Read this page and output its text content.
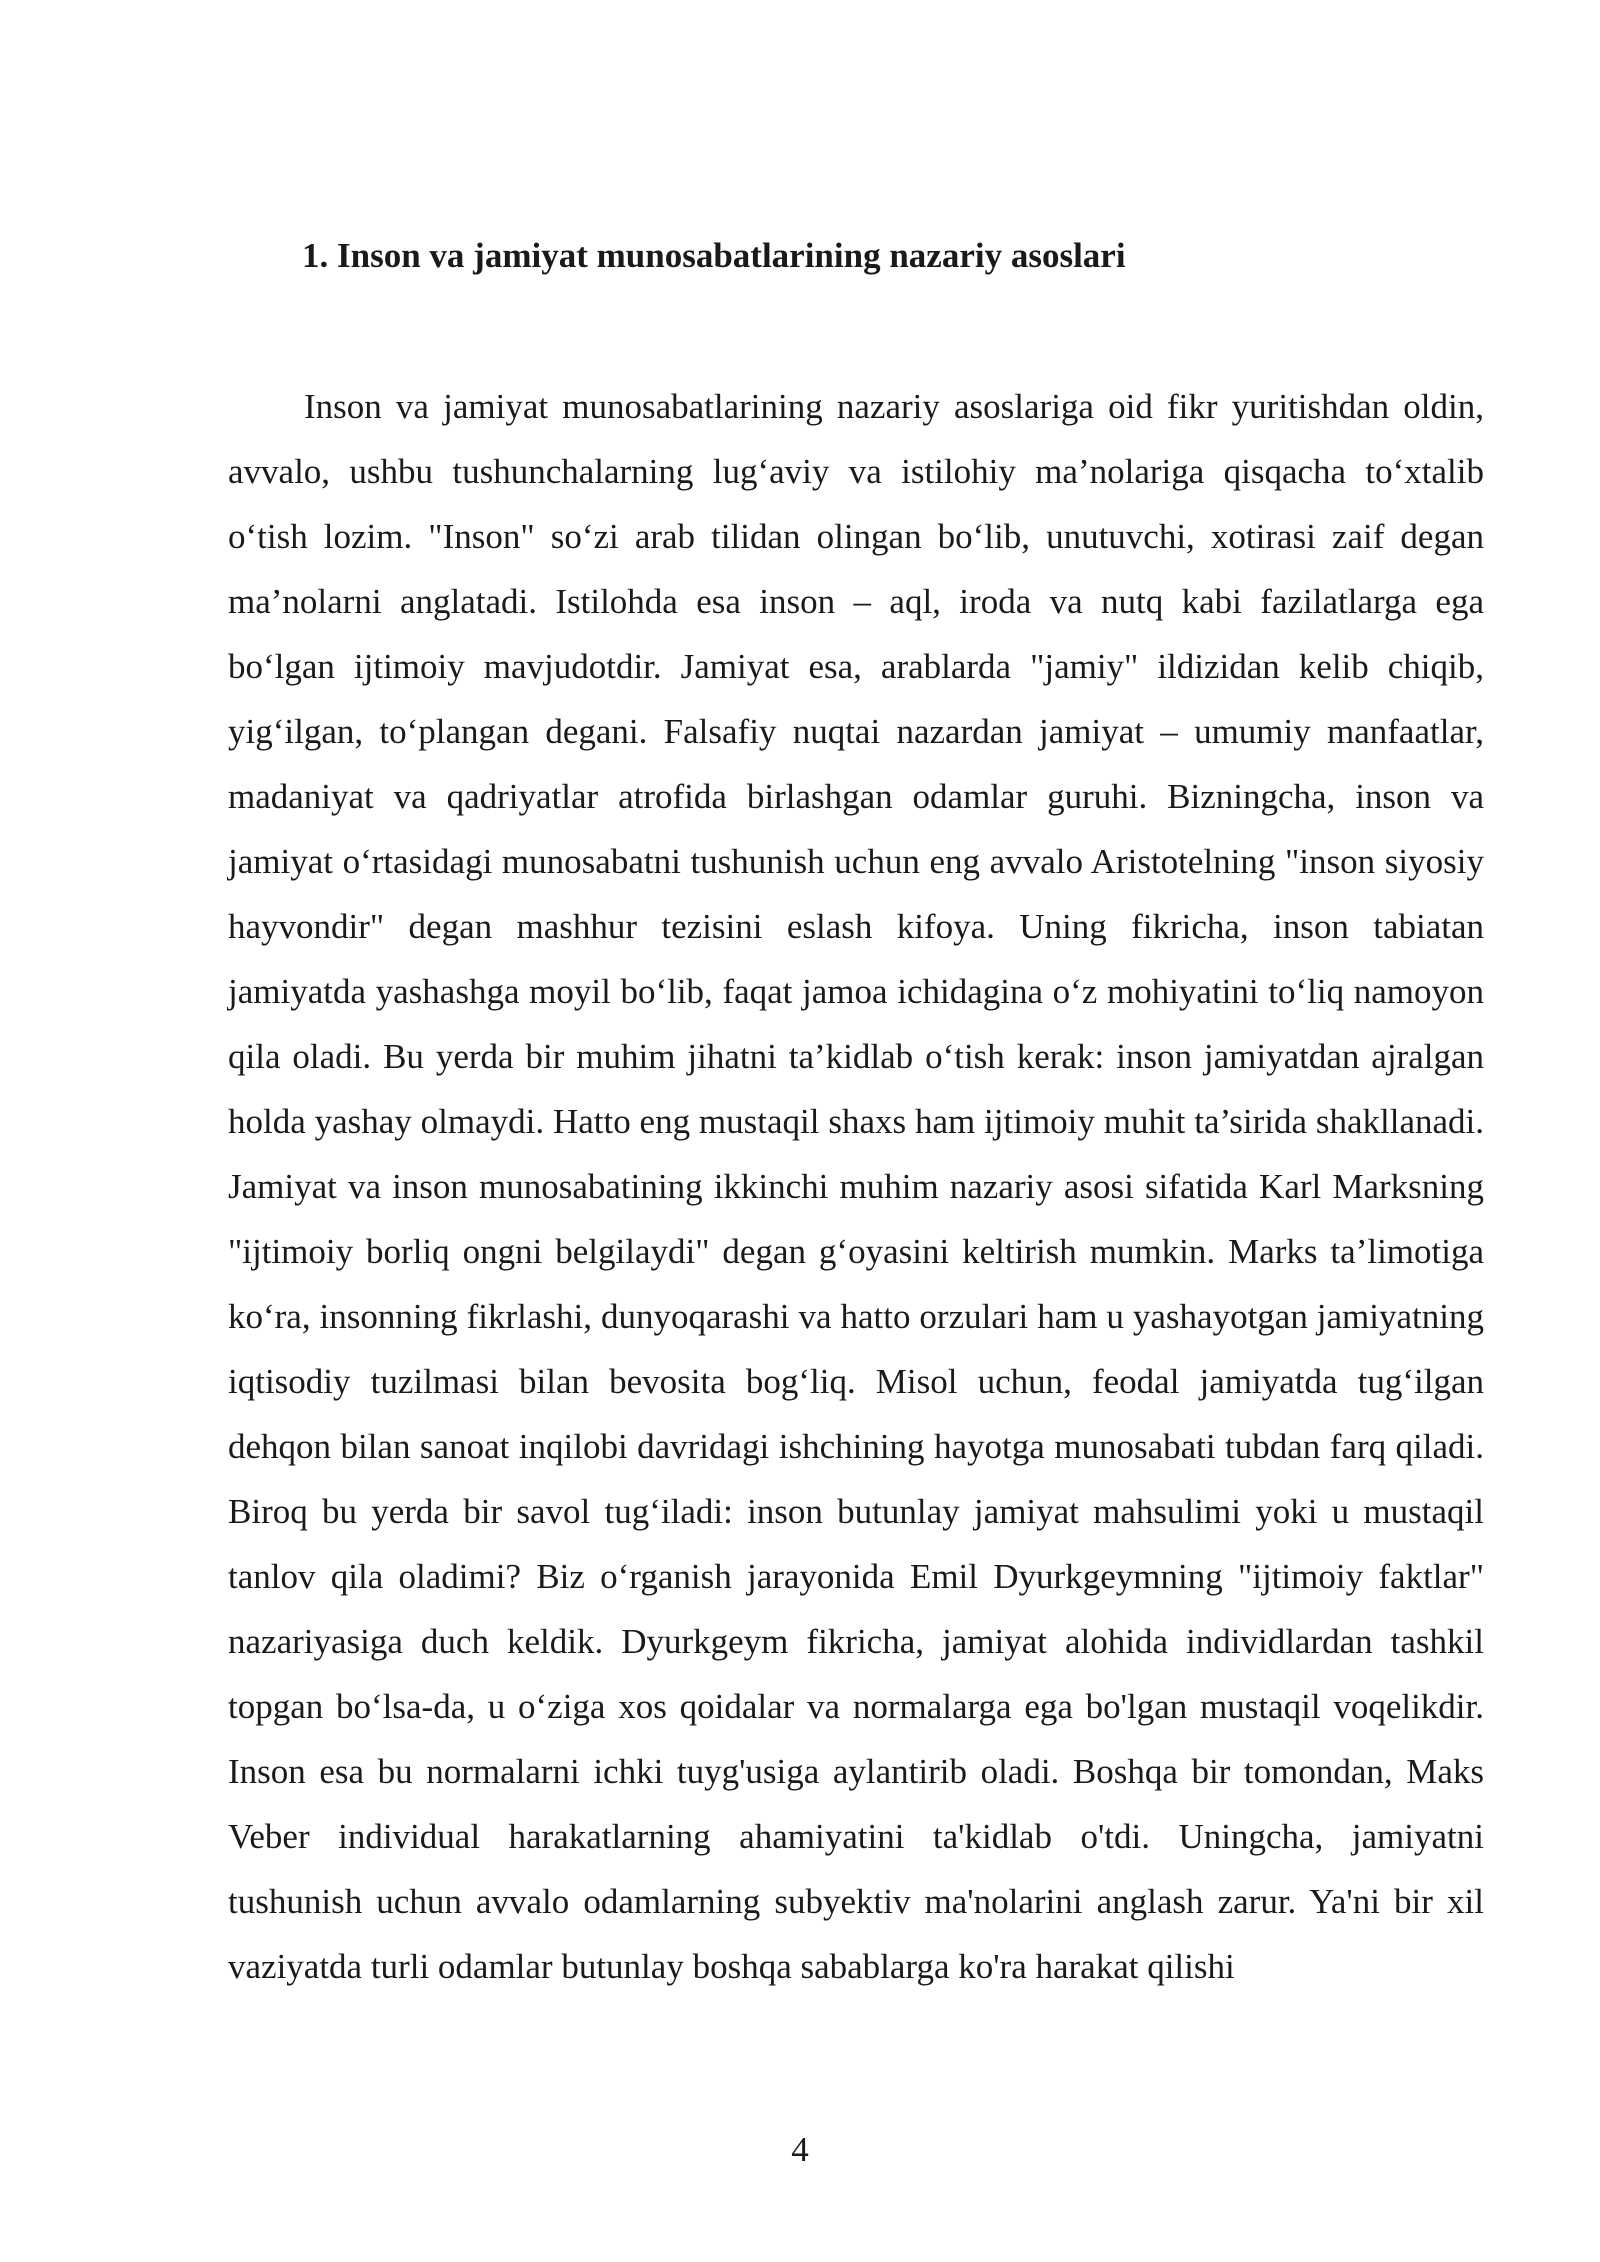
1. Inson va jamiyat munosabatlarining nazariy asoslari

Inson va jamiyat munosabatlarining nazariy asoslariga oid fikr yuritishdan oldin, avvalo, ushbu tushunchalarning lug‘aviy va istilohiy ma’nolariga qisqacha to‘xtalib o‘tish lozim. "Inson" so‘zi arab tilidan olingan bo‘lib, unutuvchi, xotirasi zaif degan ma’nolarni anglatadi. Istilohda esa inson – aql, iroda va nutq kabi fazilatlarga ega bo‘lgan ijtimoiy mavjudotdir. Jamiyat esa, arablarda "jamiy" ildizidan kelib chiqib, yig‘ilgan, to‘plangan degani. Falsafiy nuqtai nazardan jamiyat – umumiy manfaatlar, madaniyat va qadriyatlar atrofida birlashgan odamlar guruhi. Bizningcha, inson va jamiyat o‘rtasidagi munosabatni tushunish uchun eng avvalo Aristotelning "inson siyosiy hayvondir" degan mashhur tezisini eslash kifoya. Uning fikricha, inson tabiatan jamiyatda yashashga moyil bo‘lib, faqat jamoa ichidagina o‘z mohiyatini to‘liq namoyon qila oladi. Bu yerda bir muhim jihatni ta’kidlab o‘tish kerak: inson jamiyatdan ajralgan holda yashay olmaydi. Hatto eng mustaqil shaxs ham ijtimoiy muhit ta’sirida shakllanadi. Jamiyat va inson munosabatining ikkinchi muhim nazariy asosi sifatida Karl Marksning "ijtimoiy borliq ongni belgilaydi" degan g‘oyasini keltirish mumkin. Marks ta’limotiga ko‘ra, insonning fikrlashi, dunyoqarashi va hatto orzulari ham u yashayotgan jamiyatning iqtisodiy tuzilmasi bilan bevosita bog‘liq. Misol uchun, feodal jamiyatda tug‘ilgan dehqon bilan sanoat inqilobi davridagi ishchining hayotga munosabati tubdan farq qiladi. Biroq bu yerda bir savol tug‘iladi: inson butunlay jamiyat mahsulimi yoki u mustaqil tanlov qila oladimi? Biz o‘rganish jarayonida Emil Dyurkgeymning "ijtimoiy faktlar" nazariyasiga duch keldik. Dyurkgeym fikricha, jamiyat alohida individlardan tashkil topgan bo‘lsa-da, u o‘ziga xos qoidalar va normalarga ega bo'lgan mustaqil voqelikdir. Inson esa bu normalarni ichki tuyg'usiga aylantirib oladi. Boshqa bir tomondan, Maks Veber individual harakatlarning ahamiyatini ta'kidlab o'tdi. Uningcha, jamiyatni tushunish uchun avvalo odamlarning subyektiv ma'nolarini anglash zarur. Ya'ni bir xil vaziyatda turli odamlar butunlay boshqa sabablarga ko'ra harakat qilishi

4
